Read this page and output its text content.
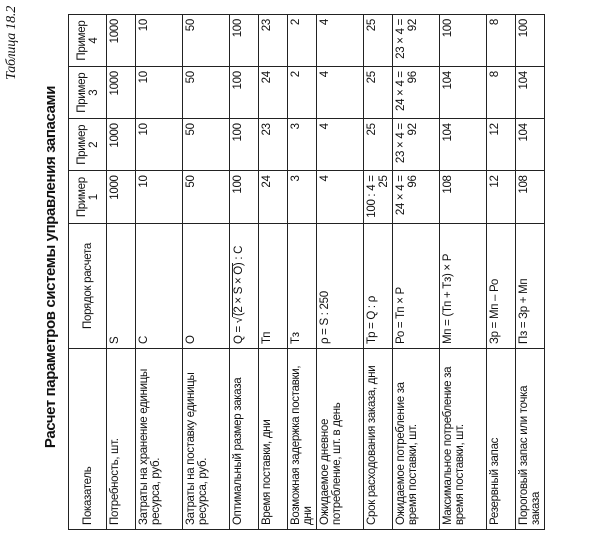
Таблица 18.2
Расчет параметров системы управления запасами
Показатель	Порядок расчета	Пример 1	Пример 2	Пример 3	Пример 4
Потребность, шт.	S	1000	1000	1000	1000
Затраты на хранение единицы ресурса, руб.	C	10	10	10	10
Затраты на поставку единицы ресурса, руб.	O	50	50	50	50
Оптимальный размер заказа	Q = √(2 × S × O) : C	100	100	100	100
Время поставки, дни	Тп	24	23	24	23
Возможная задержка поставки, дни	Тз	3	3	2	2
Ожидаемое дневное потребление, шт. в день	ρ = S : 250	4	4	4	4
Срок расходования заказа, дни	Тр = Q : ρ	100 : 4 = 25	25	25	25
Ожидаемое потребление за время поставки, шт.	Ро = Тп × Р	24 × 4 = 96	23 × 4 = 92	24 × 4 = 96	23 × 4 = 92
Максимальное потребление за время поставки, шт.	Мп = (Тп + Тз) × Р	108	104	104	100
Резервный запас	Зр = Мп – Ро	12	12	8	8
Пороговый запас или точка заказа	Пз = Зр + Мп	108	104	104	100
